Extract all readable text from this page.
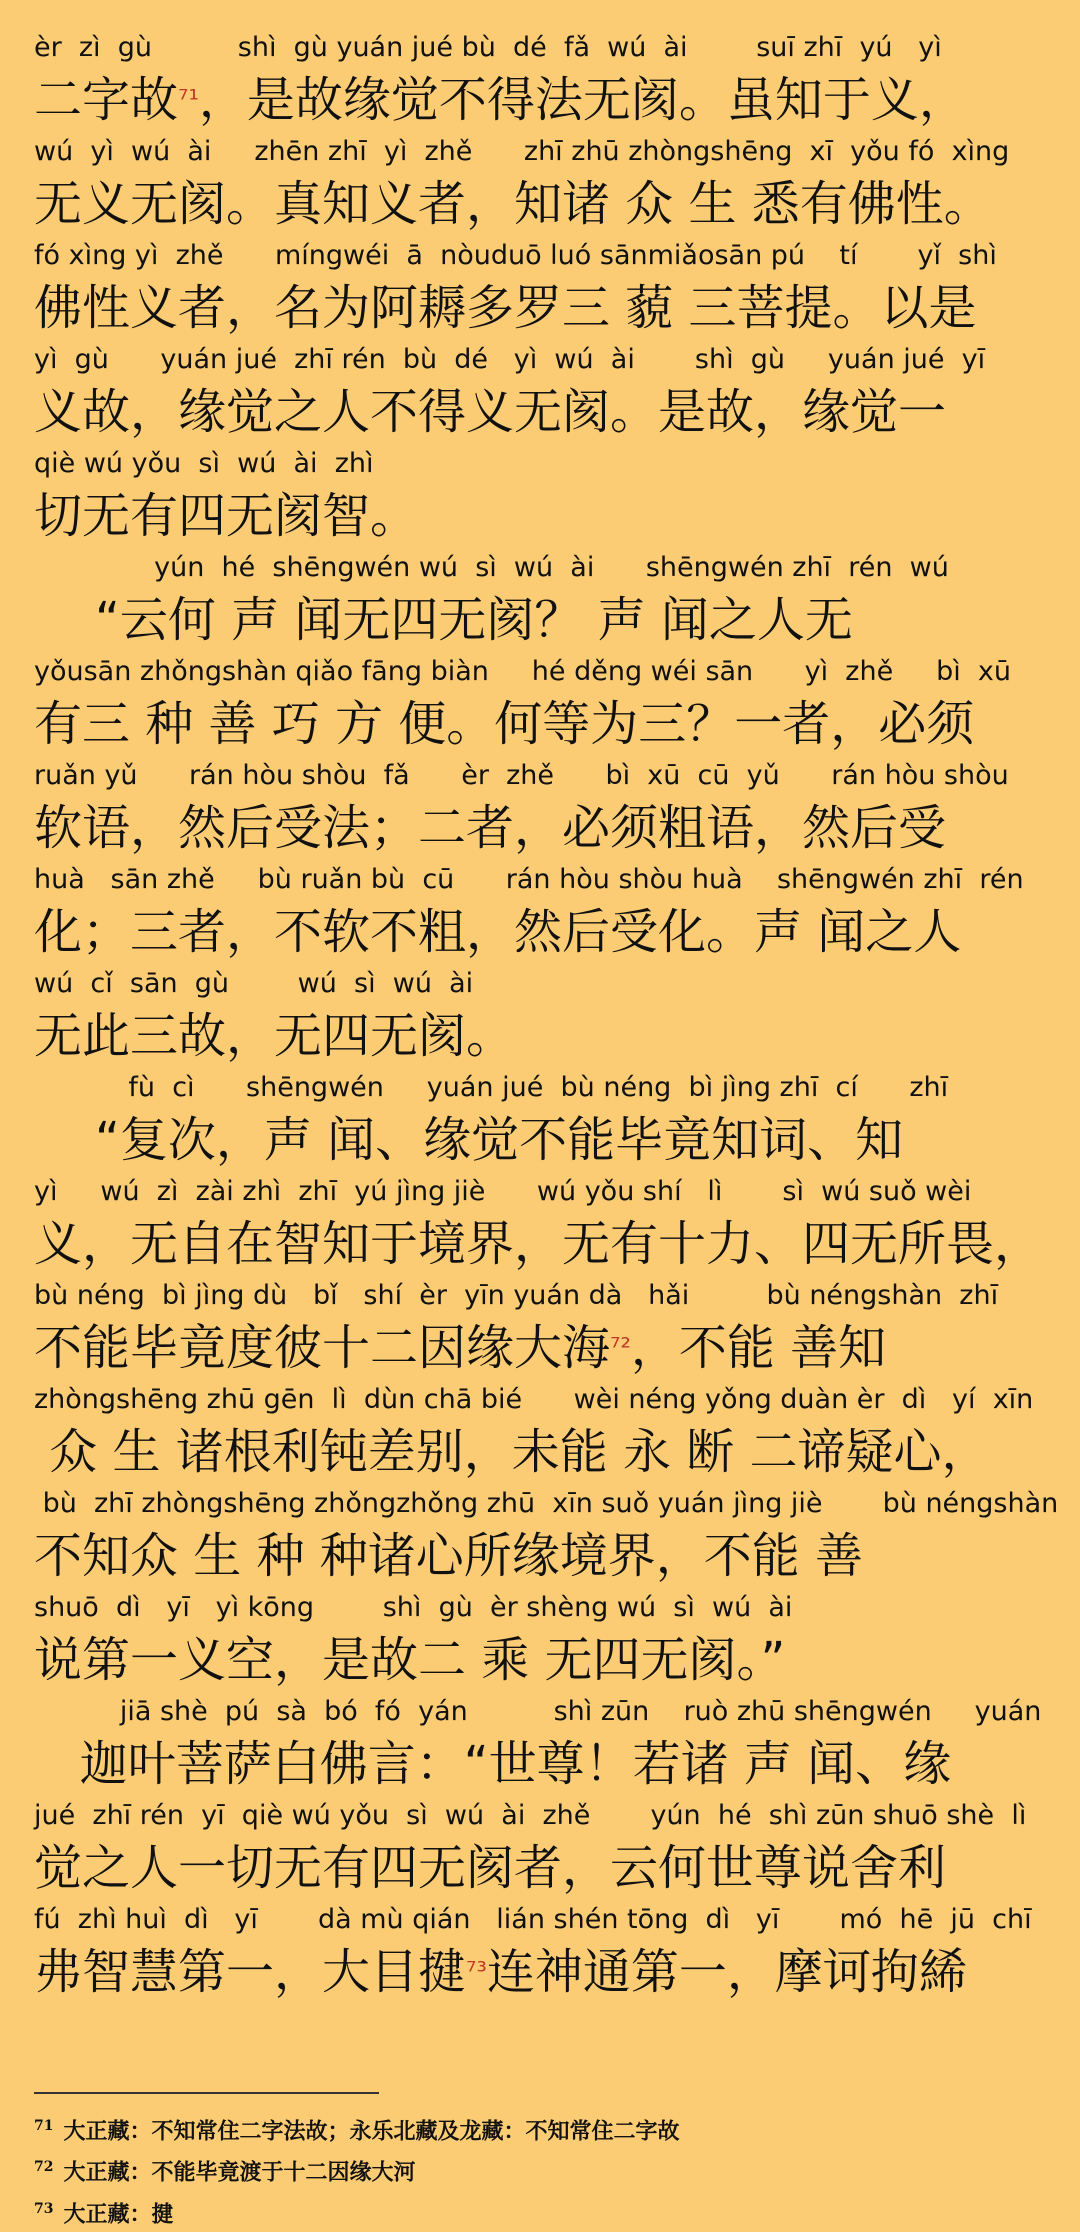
èr  zì  gù          shì  gù yuán jué bù  dé  fǎ  wú  ài        suī zhī  yú   yì
二字故$^{^7^1}$，是故缘觉不得法无阂。虽知于义，
wú  yì  wú  ài     zhēn zhī  yì  zhě      zhī zhū zhòngshēng  xī  yǒu fó  xìng
无义无阂。真知义者，知诸 众 生 悉有佛性。
fó xìng yì  zhě      míngwéi  ā  nòuduō luó sānmiǎosān pú    tí       yǐ  shì
佛性义者，名为阿耨多罗三 藐 三菩提。以是
yì  gù      yuán jué  zhī rén  bù  dé   yì  wú  ài       shì  gù     yuán jué  yī
义故，缘觉之人不得义无阂。是故，缘觉一
qiè wú yǒu  sì  wú  ài  zhì
切无有四无阂智。
yún  hé  shēngwén wú  sì  wú  ài      shēngwén zhī  rén  wú
“云何 声 闻无四无阂？ 声 闻之人无
yǒusān zhǒngshàn qiǎo fāng biàn     hé děng wéi sān      yì  zhě     bì  xū
有三 种 善 巧 方 便。何等为三？一者，必须
ruǎn yǔ      rán hòu shòu  fǎ      èr  zhě      bì  xū  cū  yǔ      rán hòu shòu
软语，然后受法；二者，必须粗语，然后受
huà   sān zhě     bù ruǎn bù  cū      rán hòu shòu huà    shēngwén zhī  rén
化；三者，不软不粗，然后受化。声 闻之人
wú  cǐ  sān  gù        wú  sì  wú  ài
无此三故，无四无阂。
fù  cì      shēngwén     yuán jué  bù néng  bì jìng zhī  cí      zhī
“复次，声 闻、缘觉不能毕竟知词、知
yì     wú  zì  zài zhì  zhī  yú jìng jiè      wú yǒu shí   lì       sì  wú suǒ wèi
义，无自在智知于境界，无有十力、四无所畏，
bù néng  bì jìng dù   bǐ   shí  èr  yīn yuán dà   hǎi         bù néngshàn  zhī
不能毕竟度彼十二因缘大海$^{^7^2}$，不能 善知
zhòngshēng zhū gēn  lì  dùn chā bié      wèi néng yǒng duàn èr  dì   yí  xīn
众 生 诸根利钝差别，未能 永 断 二谛疑心，
bù  zhī zhòngshēng zhǒngzhǒng zhū  xīn suǒ yuán jìng jiè       bù néngshàn
不知众 生 种 种诸心所缘境界，不能 善
shuō  dì   yī   yì kōng        shì  gù  èr shèng wú  sì  wú  ài
说第一义空，是故二 乘 无四无阂。”
jiā shè  pú  sà  bó  fó  yán          shì zūn    ruò zhū shēngwén     yuán
迦叶菩萨白佛言：“世尊！若诸 声 闻、缘
jué  zhī rén  yī  qiè wú yǒu  sì  wú  ài  zhě       yún  hé  shì zūn shuō shè  lì
觉之人一切无有四无阂者，云何世尊说舍利
fú  zhì huì  dì   yī       dà mù qián   lián shén tōng  dì   yī       mó  hē  jū  chī
弗智慧第一，大目揵$^{^7^3}$连神通第一，摩诃拘絺
$^{71}$ 大正藏：不知常住二字法故；永乐北藏及龙藏：不知常住二字故
$^{72}$ 大正藏：不能毕竟渡于十二因缘大河
$^{73}$ 大正藏：揵
